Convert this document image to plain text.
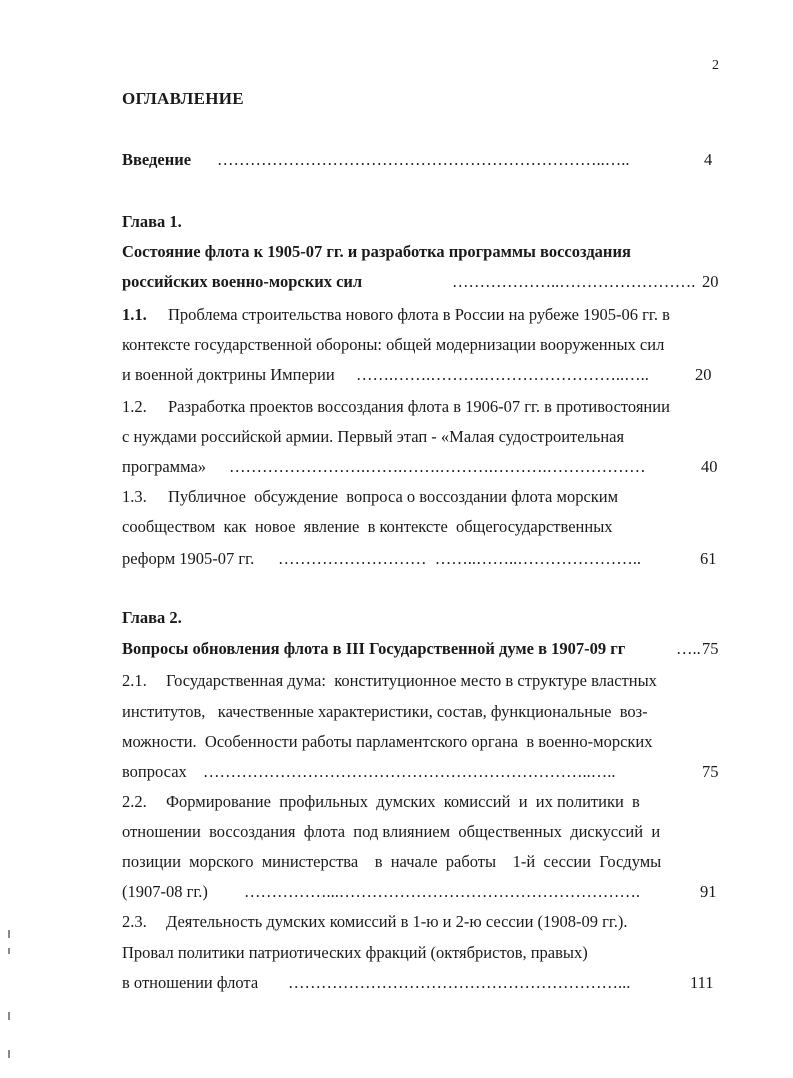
2
ОГЛАВЛЕНИЕ
Введение ……………………………………………………………..…..	4
Глава 1.
Состояние флота к 1905-07 гг. и разработка программы воссоздания
российских военно-морских сил	………………..……………………. 20
1.1. Проблема строительства нового флота в России на рубеже 1905-06 гг. в
контексте государственной обороны: общей модернизации вооруженных сил
и военной доктрины Империи …….…….……….……………………..…..	20
1.2. Разработка проектов воссоздания флота в 1906-07 гг. в противостоянии
с нуждами российской армии. Первый этап - «Малая судостроительная
программа» …………………….…….…….……….……….………………	40
1.3. Публичное  обсуждение  вопроса о воссоздании флота морским
сообществом  как  новое  явление  в контексте  общегосударственных
реформ 1905-07 гг. ………………………  ……..……..…………………..	61
Глава 2.
Вопросы обновления флота в III Государственной думе в 1907-09 гг	….. 75
2.1. Государственная дума:  конституционное место в структуре властных
институтов,   качественные характеристики, состав, функциональные  воз-
можности.  Особенности работы парламентского органа  в военно-морских
вопросах ……………………………………………………………..…..	75
2.2. Формирование  профильных  думских  комиссий  и  их политики  в
отношении  воссоздания  флота  под влиянием  общественных  дискуссий  и
позиции  морского  министерства    в  начале  работы    1-й  сессии  Госдумы
(1907-08 гг.) ……………...……………………………………………….	91
2.3. Деятельность думских комиссий в 1-ю и 2-ю сессии (1908-09 гг.).
Провал политики патриотических фракций (октябристов, правых)
в отношении флота ……………………………………………………...	111
